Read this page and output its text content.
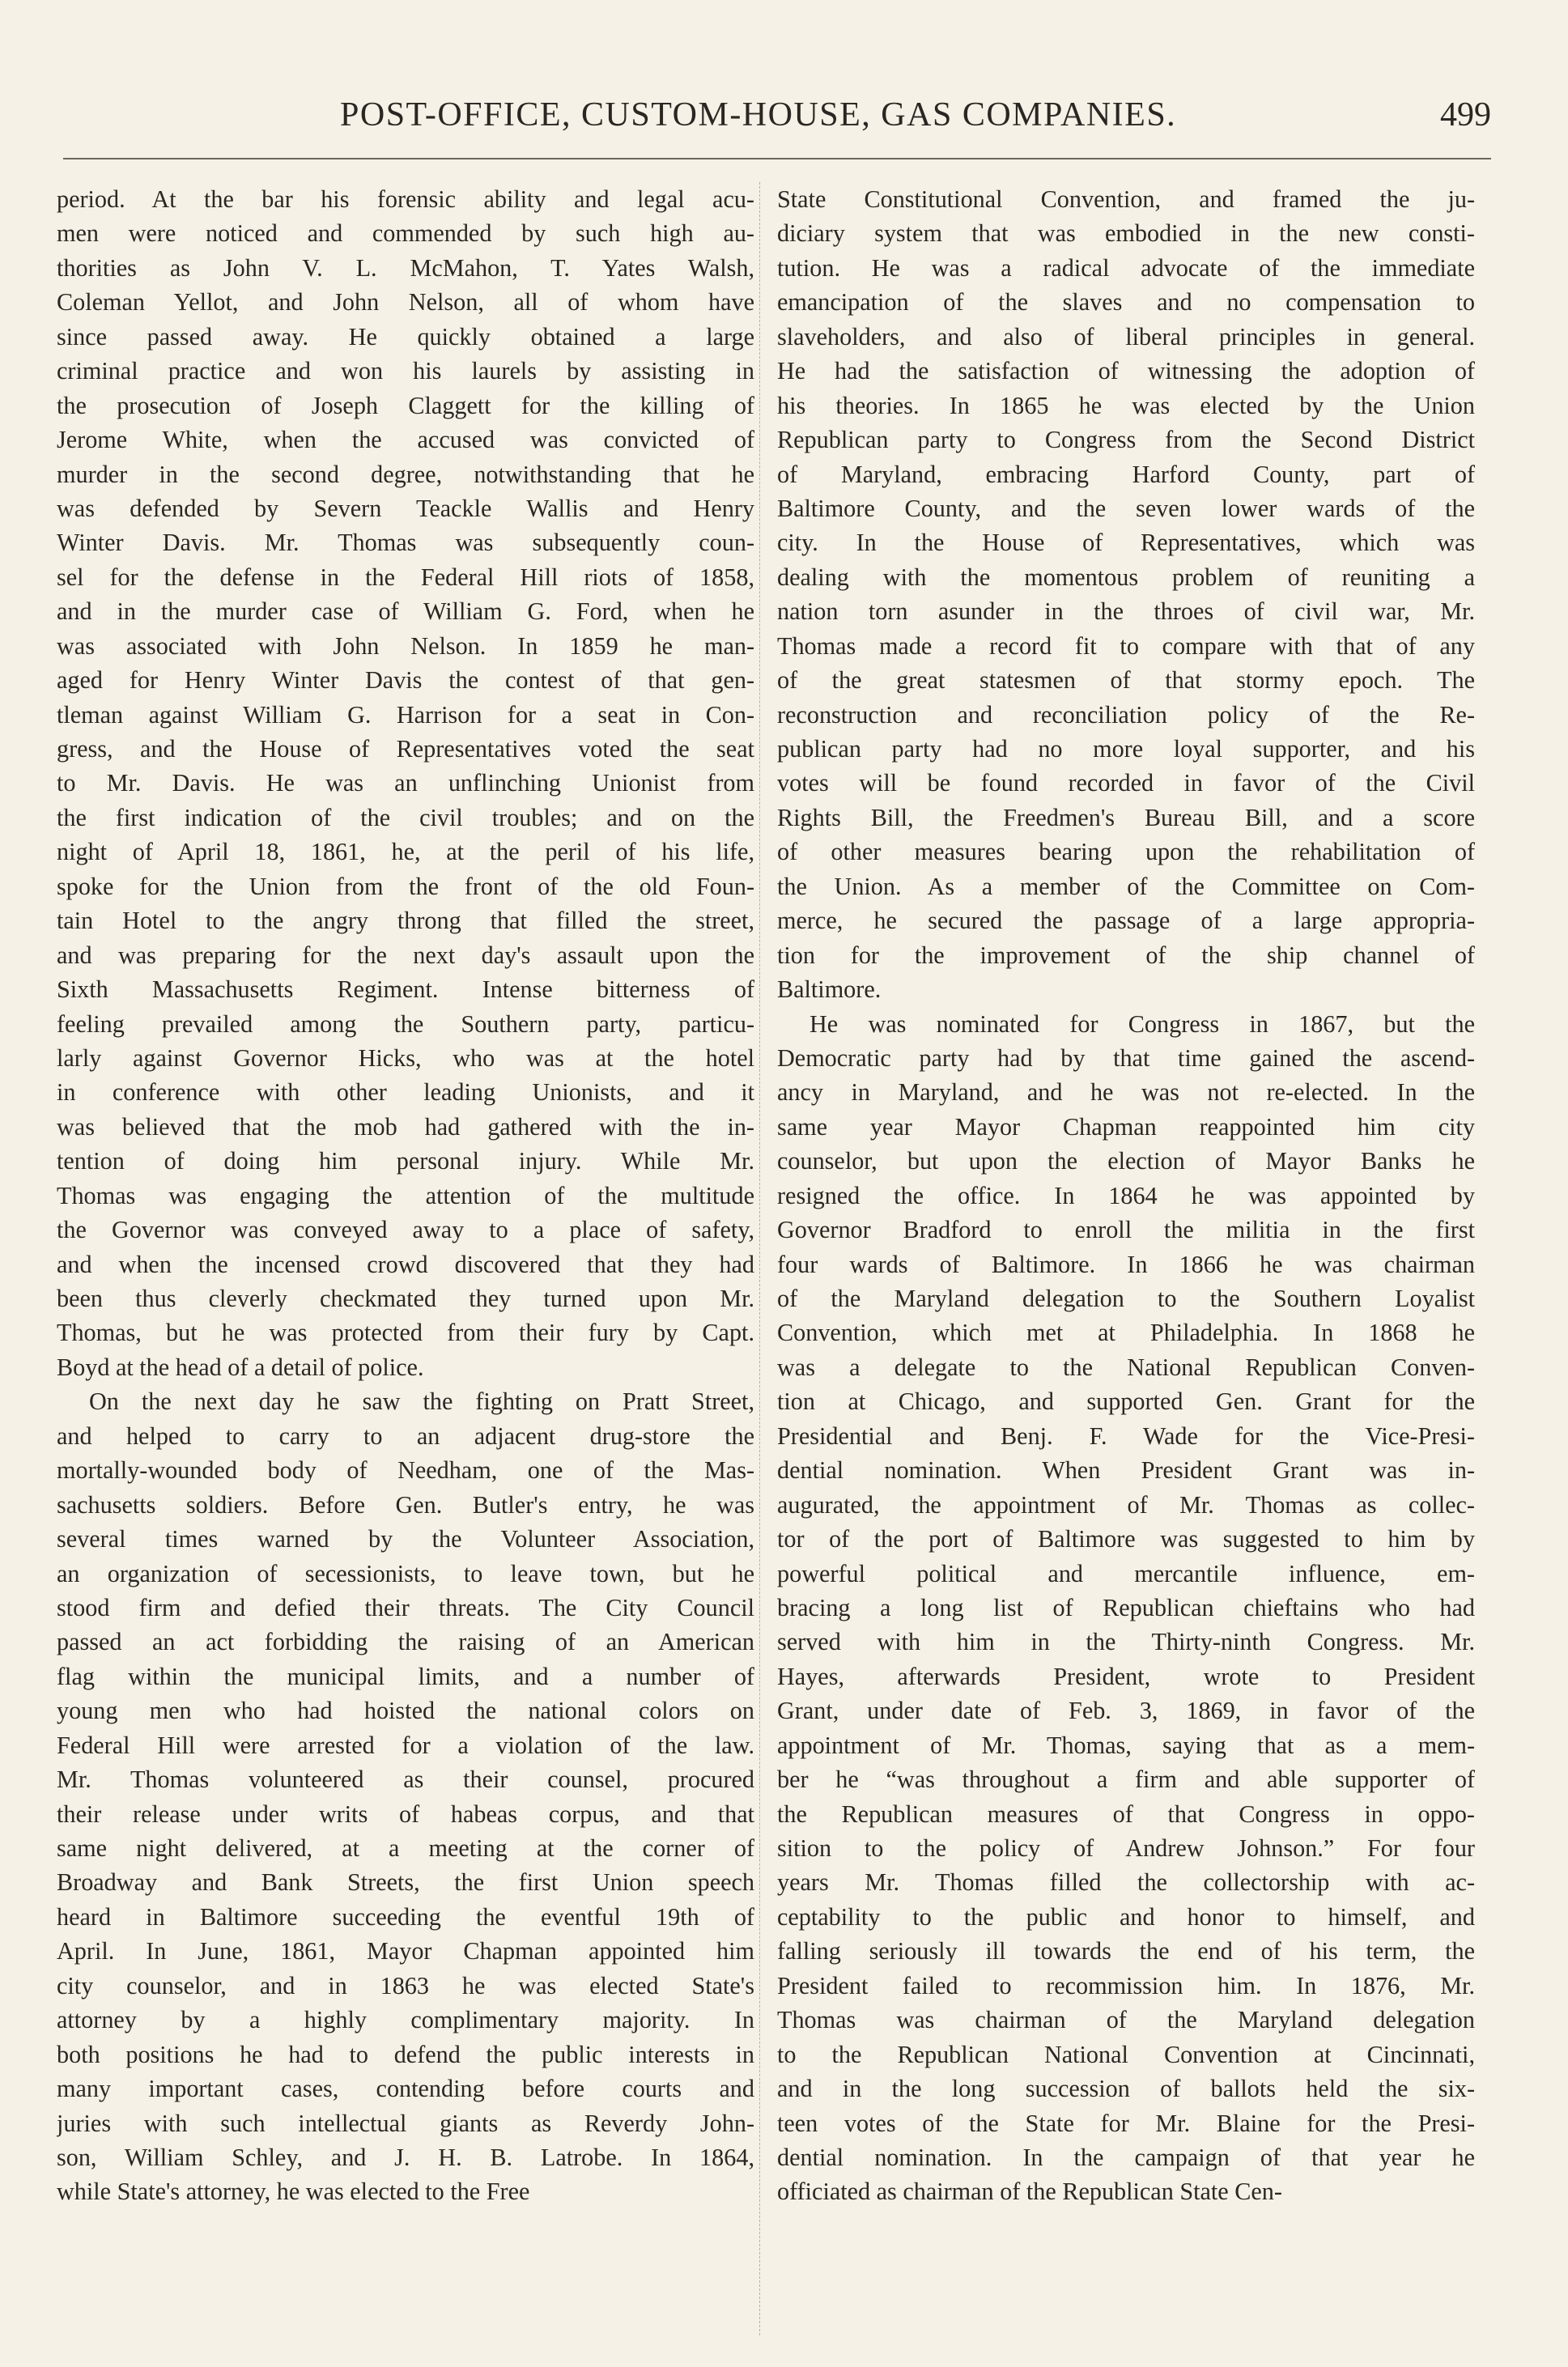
POST-OFFICE, CUSTOM-HOUSE, GAS COMPANIES.	499
period. At the bar his forensic ability and legal acu-
men were noticed and commended by such high au-
thorities as John V. L. McMahon, T. Yates Walsh,
Coleman Yellot, and John Nelson, all of whom have
since passed away. He quickly obtained a large
criminal practice and won his laurels by assisting in
the prosecution of Joseph Claggett for the killing of
Jerome White, when the accused was convicted of
murder in the second degree, notwithstanding that he
was defended by Severn Teackle Wallis and Henry
Winter Davis. Mr. Thomas was subsequently coun-
sel for the defense in the Federal Hill riots of 1858,
and in the murder case of William G. Ford, when he
was associated with John Nelson. In 1859 he man-
aged for Henry Winter Davis the contest of that gen-
tleman against William G. Harrison for a seat in Con-
gress, and the House of Representatives voted the seat
to Mr. Davis. He was an unflinching Unionist from
the first indication of the civil troubles; and on the
night of April 18, 1861, he, at the peril of his life,
spoke for the Union from the front of the old Foun-
tain Hotel to the angry throng that filled the street,
and was preparing for the next day's assault upon the
Sixth Massachusetts Regiment. Intense bitterness of
feeling prevailed among the Southern party, particu-
larly against Governor Hicks, who was at the hotel
in conference with other leading Unionists, and it
was believed that the mob had gathered with the in-
tention of doing him personal injury. While Mr.
Thomas was engaging the attention of the multitude
the Governor was conveyed away to a place of safety,
and when the incensed crowd discovered that they had
been thus cleverly checkmated they turned upon Mr.
Thomas, but he was protected from their fury by Capt.
Boyd at the head of a detail of police.
On the next day he saw the fighting on Pratt Street,
and helped to carry to an adjacent drug-store the
mortally-wounded body of Needham, one of the Mas-
sachusetts soldiers. Before Gen. Butler's entry, he was
several times warned by the Volunteer Association,
an organization of secessionists, to leave town, but he
stood firm and defied their threats. The City Council
passed an act forbidding the raising of an American
flag within the municipal limits, and a number of
young men who had hoisted the national colors on
Federal Hill were arrested for a violation of the law.
Mr. Thomas volunteered as their counsel, procured
their release under writs of habeas corpus, and that
same night delivered, at a meeting at the corner of
Broadway and Bank Streets, the first Union speech
heard in Baltimore succeeding the eventful 19th of
April. In June, 1861, Mayor Chapman appointed him
city counselor, and in 1863 he was elected State's
attorney by a highly complimentary majority. In
both positions he had to defend the public interests in
many important cases, contending before courts and
juries with such intellectual giants as Reverdy John-
son, William Schley, and J. H. B. Latrobe. In 1864,
while State's attorney, he was elected to the Free
State Constitutional Convention, and framed the ju-
diciary system that was embodied in the new consti-
tution. He was a radical advocate of the immediate
emancipation of the slaves and no compensation to
slaveholders, and also of liberal principles in general.
He had the satisfaction of witnessing the adoption of
his theories. In 1865 he was elected by the Union
Republican party to Congress from the Second District
of Maryland, embracing Harford County, part of
Baltimore County, and the seven lower wards of the
city. In the House of Representatives, which was
dealing with the momentous problem of reuniting a
nation torn asunder in the throes of civil war, Mr.
Thomas made a record fit to compare with that of any
of the great statesmen of that stormy epoch. The
reconstruction and reconciliation policy of the Re-
publican party had no more loyal supporter, and his
votes will be found recorded in favor of the Civil
Rights Bill, the Freedmen's Bureau Bill, and a score
of other measures bearing upon the rehabilitation of
the Union. As a member of the Committee on Com-
merce, he secured the passage of a large appropria-
tion for the improvement of the ship channel of
Baltimore.
He was nominated for Congress in 1867, but the
Democratic party had by that time gained the ascend-
ancy in Maryland, and he was not re-elected. In the
same year Mayor Chapman reappointed him city
counselor, but upon the election of Mayor Banks he
resigned the office. In 1864 he was appointed by
Governor Bradford to enroll the militia in the first
four wards of Baltimore. In 1866 he was chairman
of the Maryland delegation to the Southern Loyalist
Convention, which met at Philadelphia. In 1868 he
was a delegate to the National Republican Conven-
tion at Chicago, and supported Gen. Grant for the
Presidential and Benj. F. Wade for the Vice-Presi-
dential nomination. When President Grant was in-
augurated, the appointment of Mr. Thomas as collec-
tor of the port of Baltimore was suggested to him by
powerful political and mercantile influence, em-
bracing a long list of Republican chieftains who had
served with him in the Thirty-ninth Congress. Mr.
Hayes, afterwards President, wrote to President
Grant, under date of Feb. 3, 1869, in favor of the
appointment of Mr. Thomas, saying that as a mem-
ber he “was throughout a firm and able supporter of
the Republican measures of that Congress in oppo-
sition to the policy of Andrew Johnson.” For four
years Mr. Thomas filled the collectorship with ac-
ceptability to the public and honor to himself, and
falling seriously ill towards the end of his term, the
President failed to recommission him. In 1876, Mr.
Thomas was chairman of the Maryland delegation
to the Republican National Convention at Cincinnati,
and in the long succession of ballots held the six-
teen votes of the State for Mr. Blaine for the Presi-
dential nomination. In the campaign of that year he
officiated as chairman of the Republican State Cen-
